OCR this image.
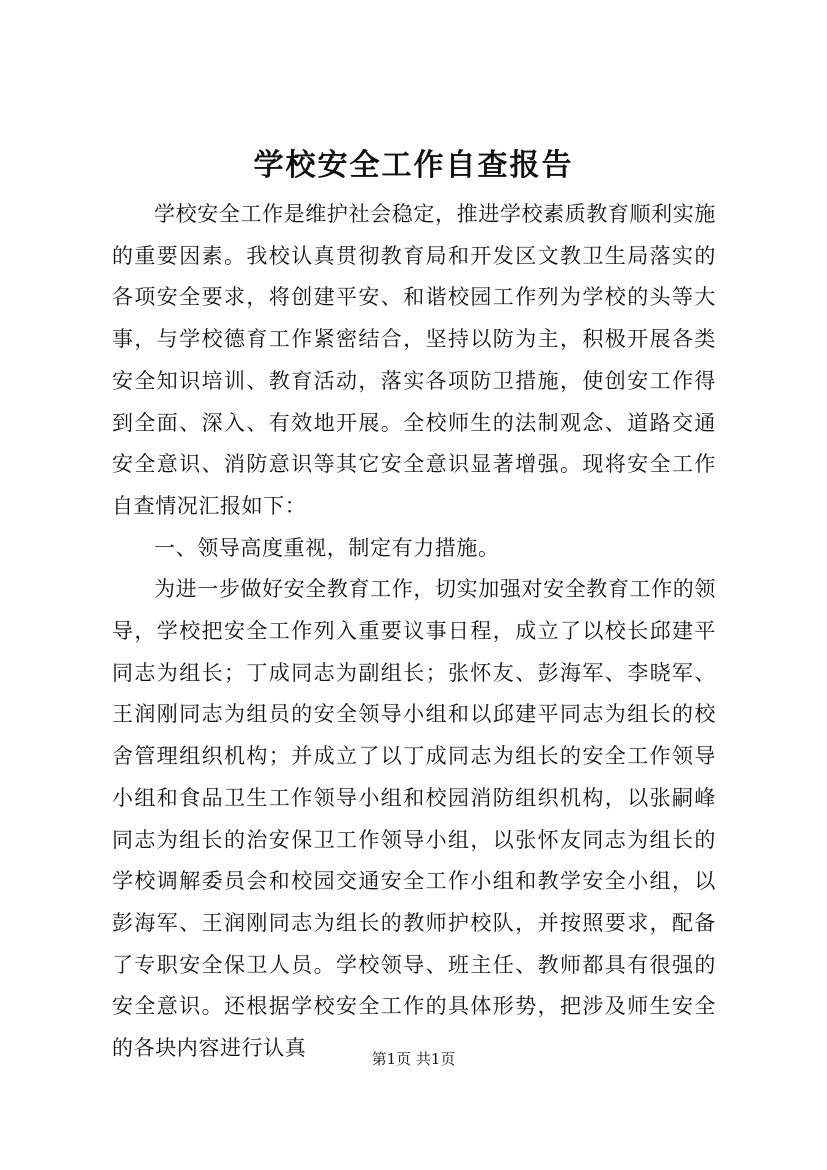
学校安全工作自查报告

学校安全工作是维护社会稳定，推进学校素质教育顺利实施的重要因素。我校认真贯彻教育局和开发区文教卫生局落实的各项安全要求，将创建平安、和谐校园工作列为学校的头等大事，与学校德育工作紧密结合，坚持以防为主，积极开展各类安全知识培训、教育活动，落实各项防卫措施，使创安工作得到全面、深入、有效地开展。全校师生的法制观念、道路交通安全意识、消防意识等其它安全意识显著增强。现将安全工作自查情况汇报如下：

一、领导高度重视，制定有力措施。

为进一步做好安全教育工作，切实加强对安全教育工作的领导，学校把安全工作列入重要议事日程，成立了以校长邱建平同志为组长；丁成同志为副组长；张怀友、彭海军、李晓军、王润刚同志为组员的安全领导小组和以邱建平同志为组长的校舍管理组织机构；并成立了以丁成同志为组长的安全工作领导小组和食品卫生工作领导小组和校园消防组织机构，以张嗣峰同志为组长的治安保卫工作领导小组，以张怀友同志为组长的学校调解委员会和校园交通安全工作小组和教学安全小组，以彭海军、王润刚同志为组长的教师护校队，并按照要求，配备了专职安全保卫人员。学校领导、班主任、教师都具有很强的安全意识。还根据学校安全工作的具体形势，把涉及师生安全的各块内容进行认真	第1页 共1页
